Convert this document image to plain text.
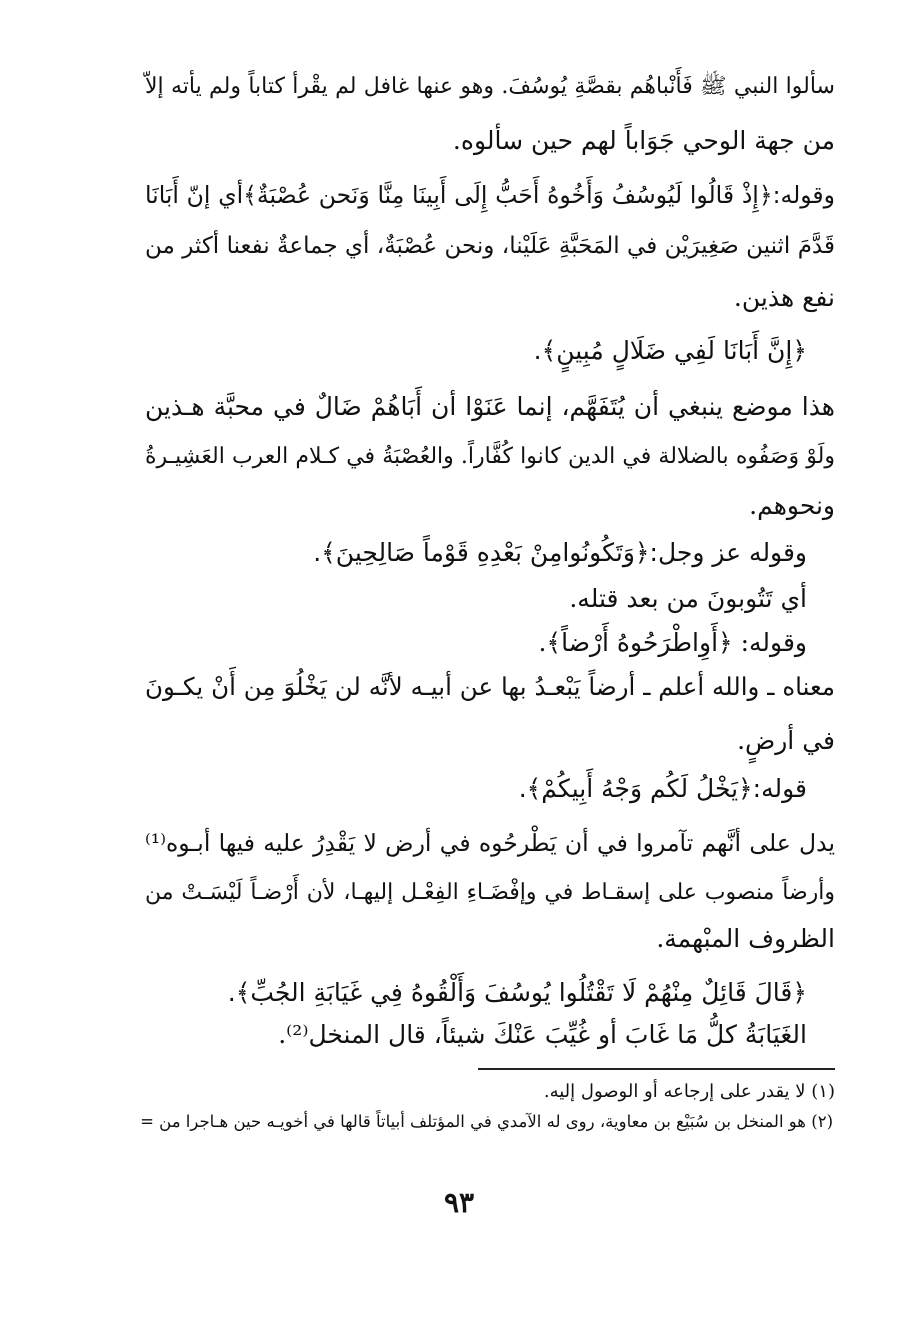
سألوا النبي ﷺ فَأَنْباهُم بقصَّةِ يُوسُفَ. وهو عنها غافل لم يقْرأ كتاباً ولم يأته إلاّ
من جهة الوحي جَوَاباً لهم حين سألوه.
وقوله:﴿إِذْ قَالُوا لَيُوسُفُ وَأَخُوهُ أَحَبُّ إِلَى أَبِينَا مِنَّا وَنَحن عُصْبَةٌ﴾أي إنّ أَبَانَا
قَدَّمَ اثنين صَغِيرَيْن في المَحَبَّةِ عَلَيْنا، ونحن عُصْبَةٌ، أي جماعةٌ نفعنا أكثر من
نفع هذين.
﴿إِنَّ أَبَانَا لَفِي ضَلَالٍ مُبِينٍ﴾.
هذا موضع ينبغي أن يُتَفَهَّم، إنما عَنَوْا أن أَبَاهُمْ ضَالٌ في محبَّة هـذين
ولَوْ وَصَفُوه بالضلالة في الدين كانوا كُفَّاراً. والعُصْبَةُ في كـلام العرب العَشِيـرةُ
ونحوهم.
وقوله عز وجل:﴿وَتَكُونُوامِنْ بَعْدِهِ قَوْماً صَالِحِينَ﴾.
أي تَتُوبونَ من بعد قتله.
وقوله: ﴿أَوِاطْرَحُوهُ أَرْضاً﴾.
معناه ـ والله أعلم ـ أرضاً يَبْعـدُ بها عن أبيـه لأنَّه لن يَخْلُوَ مِن أَنْ يكـونَ
في أرضٍ.
قوله:﴿يَخْلُ لَكُم وَجْهُ أَبِيكُمْ﴾.
يدل على أنَّهم تآمروا في أن يَطْرحُوه في أرض لا يَقْدِرُ عليه فيها أبـوه⁽¹⁾
وأرضاً منصوب على إسقـاط في وإفْضَـاءِ الفِعْـل إليهـا، لأن أَرْضـاً لَيْسَـتْ من
الظروف المبْهمة.
﴿قَالَ قَائِلٌ مِنْهُمْ لَا تَقْتُلُوا يُوسُفَ وَأَلْقُوهُ فِي غَيَابَةِ الجُبِّ﴾.
الغَيَابَةُ كلُّ مَا غَابَ أو غُيِّبَ عَنْكَ شيئاً، قال المنخل⁽²⁾.
(١) لا يقدر على إرجاعه أو الوصول إليه.
(٢) هو المنخل بن سُبَيْع بن معاوية، روى له الآمدي في المؤتلف أبياتاً قالها في أخويـه حين هـاجرا من =
٩٣
